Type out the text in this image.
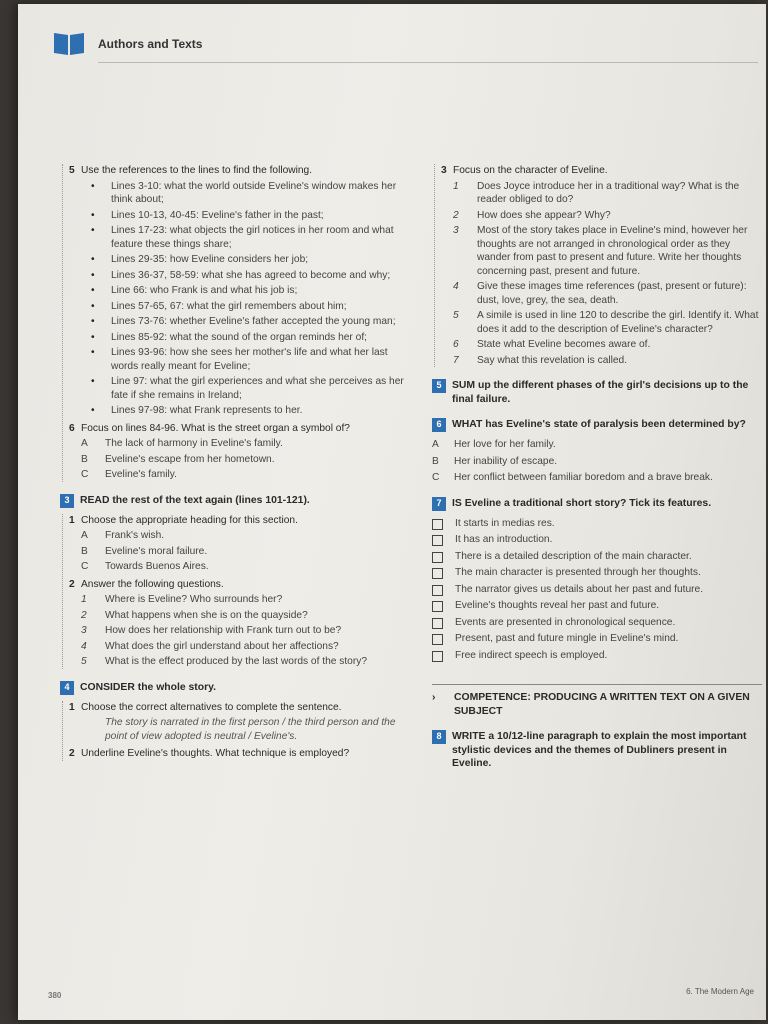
Authors and Texts
5 Use the references to the lines to find the following.
• Lines 3-10: what the world outside Eveline's window makes her think about;
• Lines 10-13, 40-45: Eveline's father in the past;
• Lines 17-23: what objects the girl notices in her room and what feature these things share;
• Lines 29-35: how Eveline considers her job;
• Lines 36-37, 58-59: what she has agreed to become and why;
• Line 66: who Frank is and what his job is;
• Lines 57-65, 67: what the girl remembers about him;
• Lines 73-76: whether Eveline's father accepted the young man;
• Lines 85-92: what the sound of the organ reminds her of;
• Lines 93-96: how she sees her mother's life and what her last words really meant for Eveline;
• Line 97: what the girl experiences and what she perceives as her fate if she remains in Ireland;
• Lines 97-98: what Frank represents to her.
6 Focus on lines 84-96. What is the street organ a symbol of?
A	The lack of harmony in Eveline's family.
B	Eveline's escape from her hometown.
C	Eveline's family.
3	READ the rest of the text again (lines 101-121).
1 Choose the appropriate heading for this section.
A	Frank's wish.
B	Eveline's moral failure.
C	Towards Buenos Aires.
2 Answer the following questions.
1	Where is Eveline? Who surrounds her?
2	What happens when she is on the quayside?
3	How does her relationship with Frank turn out to be?
4	What does the girl understand about her affections?
5	What is the effect produced by the last words of the story?
4	CONSIDER the whole story.
1 Choose the correct alternatives to complete the sentence.
The story is narrated in the first person / the third person and the point of view adopted is neutral / Eveline's.
2 Underline Eveline's thoughts. What technique is employed?
3 Focus on the character of Eveline.
1	Does Joyce introduce her in a traditional way? What is the reader obliged to do?
2	How does she appear? Why?
3	Most of the story takes place in Eveline's mind, however her thoughts are not arranged in chronological order as they wander from past to present and future. Write her thoughts concerning past, present and future.
4	Give these images time references (past, present or future): dust, love, grey, the sea, death.
5	A simile is used in line 120 to describe the girl. Identify it. What does it add to the description of Eveline's character?
6	State what Eveline becomes aware of.
7	Say what this revelation is called.
5	SUM up the different phases of the girl's decisions up to the final failure.
6	WHAT has Eveline's state of paralysis been determined by?
A	Her love for her family.
B	Her inability of escape.
C	Her conflict between familiar boredom and a brave break.
7	IS Eveline a traditional short story? Tick its features.
It starts in medias res.
It has an introduction.
There is a detailed description of the main character.
The main character is presented through her thoughts.
The narrator gives us details about her past and future.
Eveline's thoughts reveal her past and future.
Events are presented in chronological sequence.
Present, past and future mingle in Eveline's mind.
Free indirect speech is employed.
›	COMPETENCE: PRODUCING A WRITTEN TEXT ON A GIVEN SUBJECT
8	WRITE a 10/12-line paragraph to explain the most important stylistic devices and the themes of Dubliners present in Eveline.
380	6. The Modern Age
